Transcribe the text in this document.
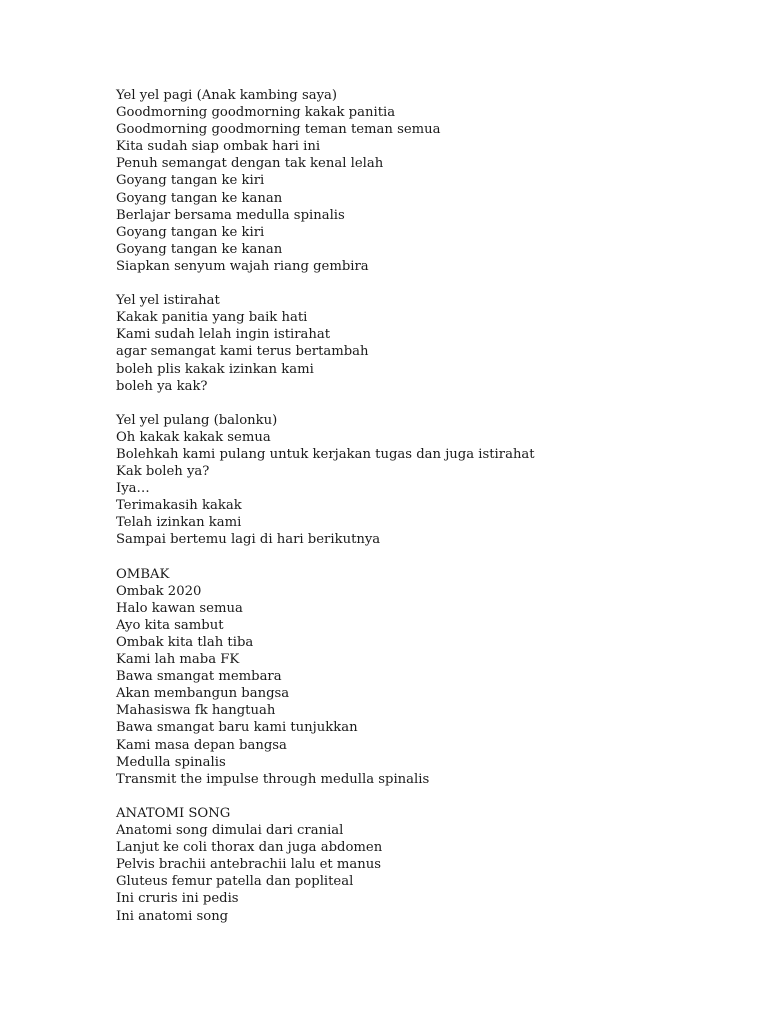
Yel yel pagi (Anak kambing saya)
Goodmorning goodmorning kakak panitia
Goodmorning goodmorning teman teman semua
Kita sudah siap ombak hari ini
Penuh semangat dengan tak kenal lelah
Goyang tangan ke kiri
Goyang tangan ke kanan
Berlajar bersama medulla spinalis
Goyang tangan ke kiri
Goyang tangan ke kanan
Siapkan senyum wajah riang gembira
Yel yel istirahat
Kakak panitia yang baik hati
Kami sudah lelah ingin istirahat
agar semangat kami terus bertambah
boleh plis kakak izinkan kami
boleh ya kak?
Yel yel pulang (balonku)
Oh kakak kakak semua
Bolehkah kami pulang untuk kerjakan tugas dan juga istirahat
Kak boleh ya?
Iya…
Terimakasih kakak
Telah izinkan kami
Sampai bertemu lagi di hari berikutnya
OMBAK
Ombak 2020
Halo kawan semua
Ayo kita sambut
Ombak kita tlah tiba
Kami lah maba FK
Bawa smangat membara
Akan membangun bangsa
Mahasiswa fk hangtuah
Bawa smangat baru kami tunjukkan
Kami masa depan bangsa
Medulla spinalis
Transmit the impulse through medulla spinalis
ANATOMI SONG
Anatomi song dimulai dari cranial
Lanjut ke coli thorax dan juga abdomen
Pelvis brachii antebrachii lalu et manus
Gluteus femur patella dan popliteal
Ini cruris ini pedis
Ini anatomi song
